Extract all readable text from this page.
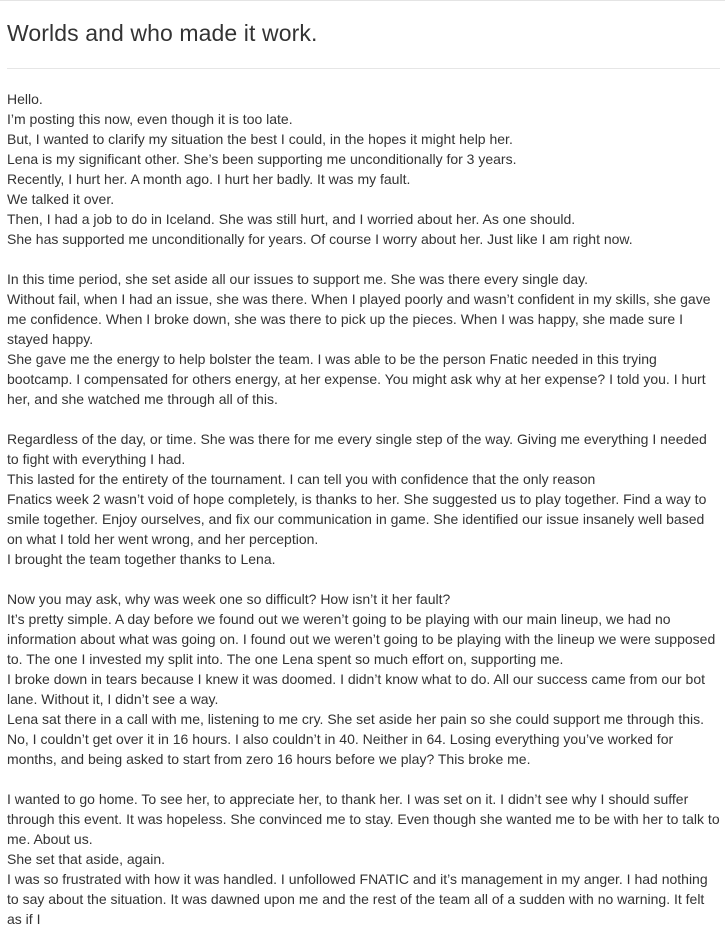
Worlds and who made it work.

Hello.
I’m posting this now, even though it is too late.
But, I wanted to clarify my situation the best I could, in the hopes it might help her.
Lena is my significant other. She’s been supporting me unconditionally for 3 years.
Recently, I hurt her. A month ago. I hurt her badly. It was my fault.
We talked it over.
Then, I had a job to do in Iceland. She was still hurt, and I worried about her. As one should.
She has supported me unconditionally for years. Of course I worry about her. Just like I am right now.

In this time period, she set aside all our issues to support me. She was there every single day.
Without fail, when I had an issue, she was there. When I played poorly and wasn’t confident in my skills, she gave
me confidence. When I broke down, she was there to pick up the pieces. When I was happy, she made sure I
stayed happy.
She gave me the energy to help bolster the team. I was able to be the person Fnatic needed in this trying
bootcamp. I compensated for others energy, at her expense. You might ask why at her expense? I told you. I hurt
her, and she watched me through all of this.

Regardless of the day, or time. She was there for me every single step of the way. Giving me everything I needed
to fight with everything I had.
This lasted for the entirety of the tournament. I can tell you with confidence that the only reason
Fnatics week 2 wasn’t void of hope completely, is thanks to her. She suggested us to play together. Find a way to
smile together. Enjoy ourselves, and fix our communication in game. She identified our issue insanely well based
on what I told her went wrong, and her perception.
I brought the team together thanks to Lena.

Now you may ask, why was week one so difficult? How isn’t it her fault?
It’s pretty simple. A day before we found out we weren’t going to be playing with our main lineup, we had no
information about what was going on. I found out we weren’t going to be playing with the lineup we were supposed
to. The one I invested my split into. The one Lena spent so much effort on, supporting me.
I broke down in tears because I knew it was doomed. I didn’t know what to do. All our success came from our bot
lane. Without it, I didn’t see a way.
Lena sat there in a call with me, listening to me cry. She set aside her pain so she could support me through this.
No, I couldn’t get over it in 16 hours. I also couldn’t in 40. Neither in 64. Losing everything you’ve worked for
months, and being asked to start from zero 16 hours before we play? This broke me.

I wanted to go home. To see her, to appreciate her, to thank her. I was set on it. I didn’t see why I should suffer
through this event. It was hopeless. She convinced me to stay. Even though she wanted me to be with her to talk to
me. About us.
She set that aside, again.
I was so frustrated with how it was handled. I unfollowed FNATIC and it’s management in my anger. I had nothing
to say about the situation. It was dawned upon me and the rest of the team all of a sudden with no warning. It felt
as if I
